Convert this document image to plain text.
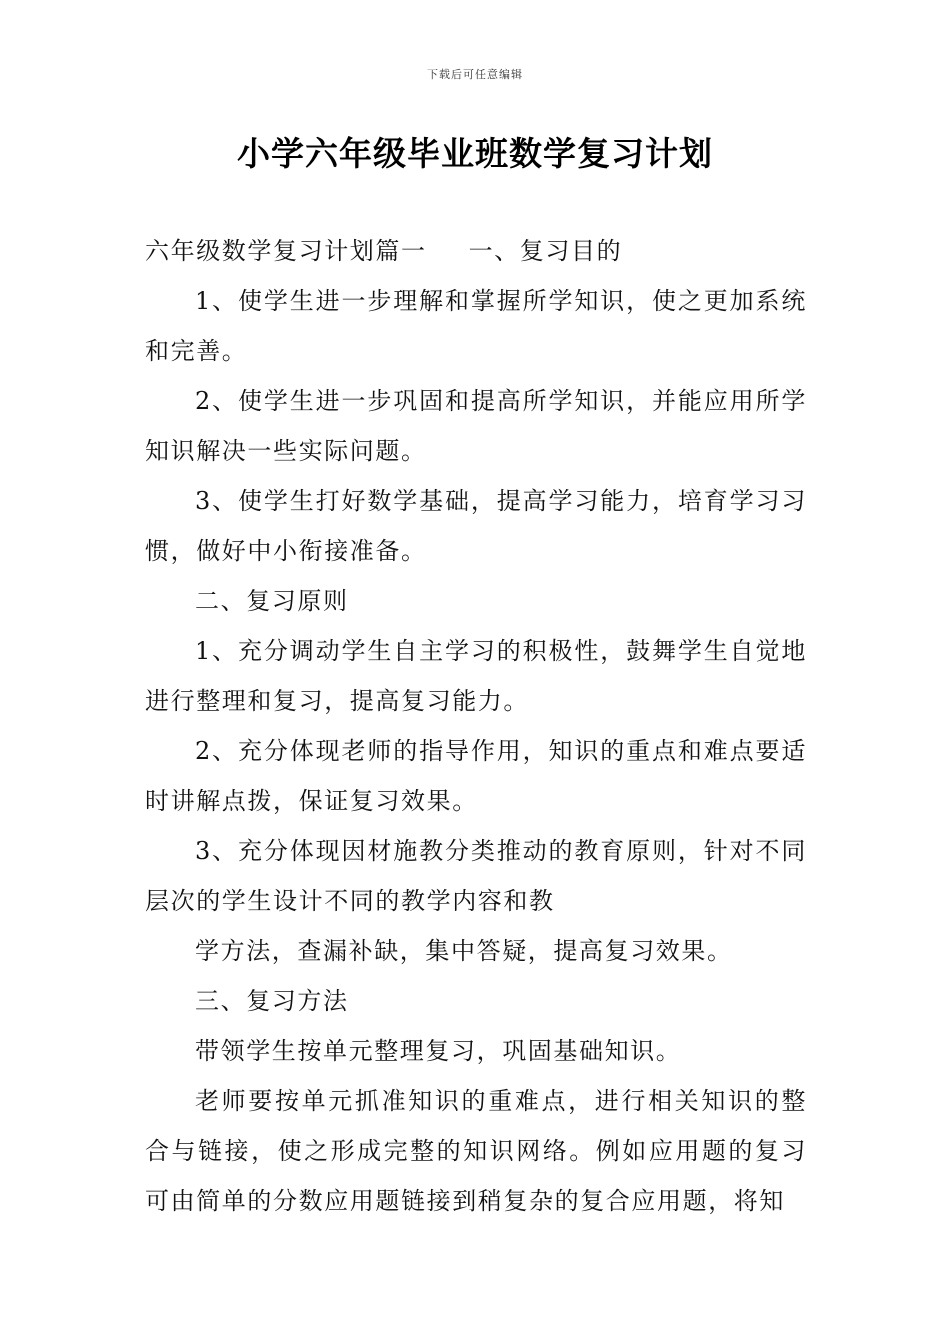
下载后可任意编辑
小学六年级毕业班数学复习计划

六年级数学复习计划篇一 一、复习目的

1、使学生进一步理解和掌握所学知识，使之更加系统和完善。

2、使学生进一步巩固和提高所学知识，并能应用所学知识解决一些实际问题。

3、使学生打好数学基础，提高学习能力，培育学习习惯，做好中小衔接准备。

二、复习原则

1、充分调动学生自主学习的积极性，鼓舞学生自觉地进行整理和复习，提高复习能力。

2、充分体现老师的指导作用，知识的重点和难点要适时讲解点拨，保证复习效果。

3、充分体现因材施教分类推动的教育原则，针对不同层次的学生设计不同的教学内容和教

学方法，查漏补缺，集中答疑，提高复习效果。

三、复习方法

带领学生按单元整理复习，巩固基础知识。

老师要按单元抓准知识的重难点，进行相关知识的整合与链接，使之形成完整的知识网络。例如应用题的复习可由简单的分数应用题链接到稍复杂的复合应用题，将知
